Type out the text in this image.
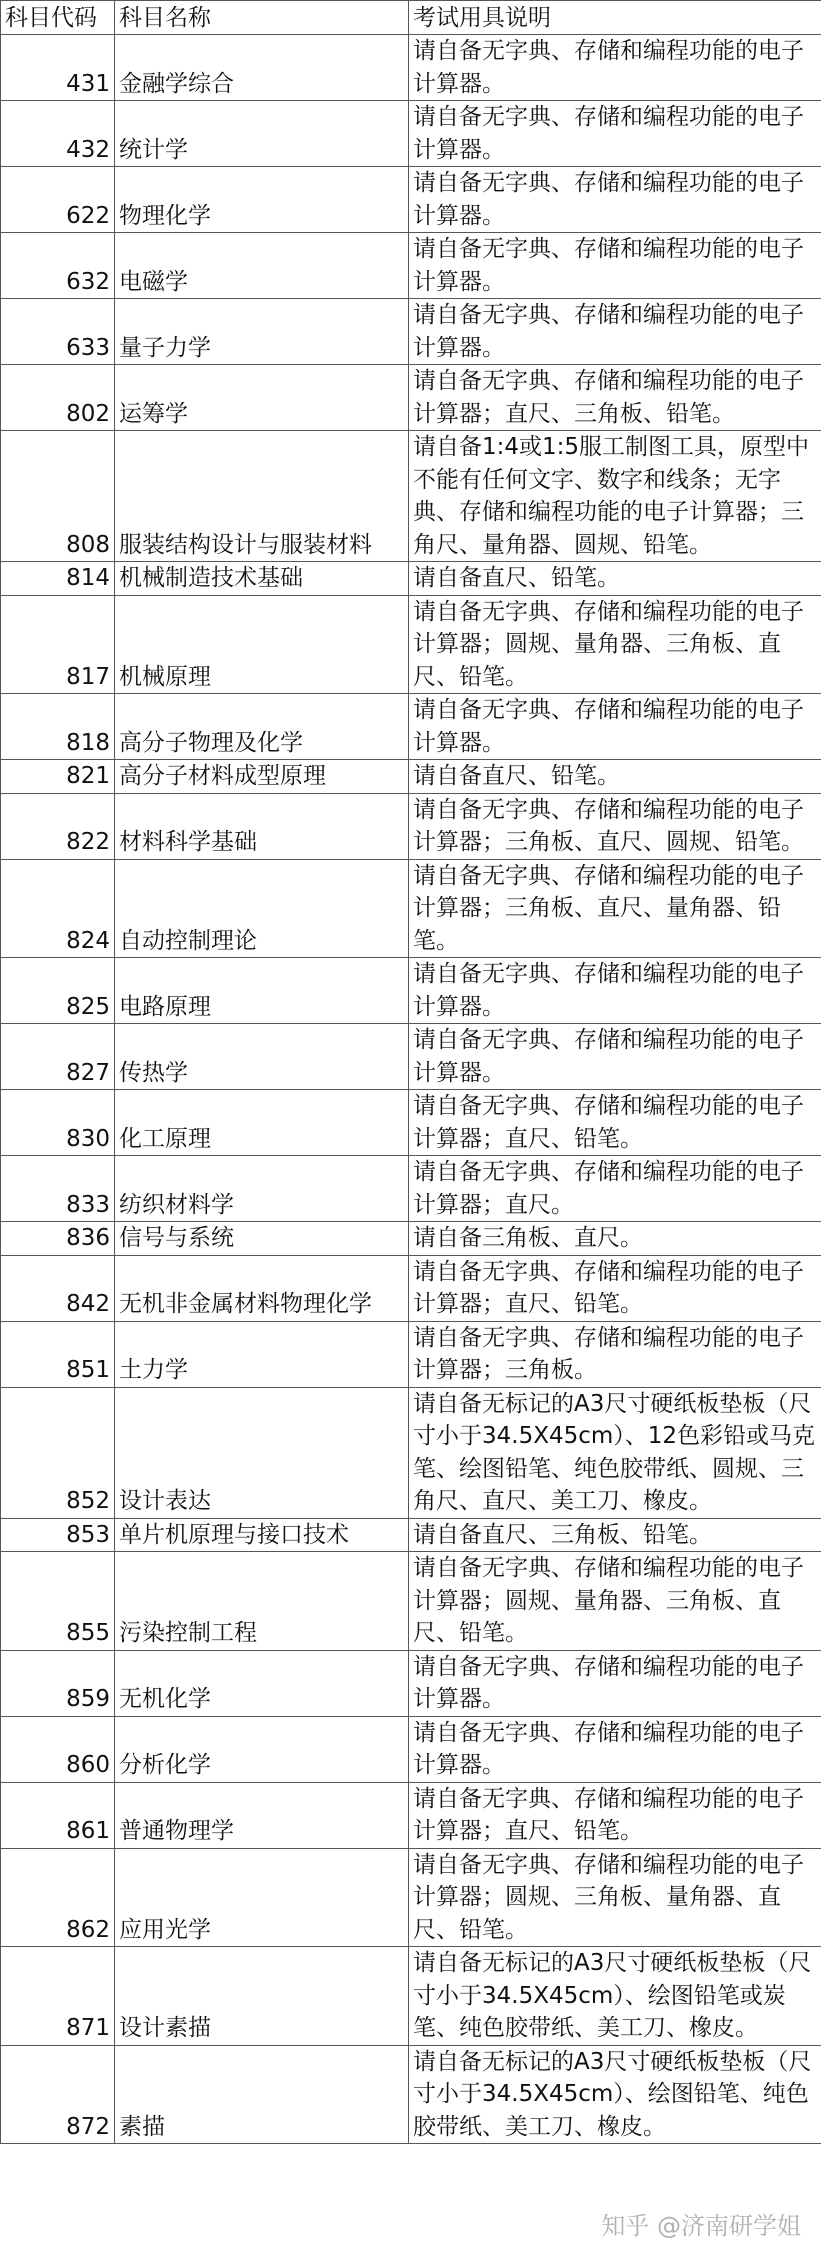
科目代码	科目名称	考试用具说明
431	金融学综合	请自备无字典、存储和编程功能的电子计算器。
432	统计学	请自备无字典、存储和编程功能的电子计算器。
622	物理化学	请自备无字典、存储和编程功能的电子计算器。
632	电磁学	请自备无字典、存储和编程功能的电子计算器。
633	量子力学	请自备无字典、存储和编程功能的电子计算器。
802	运筹学	请自备无字典、存储和编程功能的电子计算器；直尺、三角板、铅笔。
808	服装结构设计与服装材料	请自备1:4或1:5服工制图工具，原型中不能有任何文字、数字和线条；无字典、存储和编程功能的电子计算器；三角尺、量角器、圆规、铅笔。
814	机械制造技术基础	请自备直尺、铅笔。
817	机械原理	请自备无字典、存储和编程功能的电子计算器；圆规、量角器、三角板、直尺、铅笔。
818	高分子物理及化学	请自备无字典、存储和编程功能的电子计算器。
821	高分子材料成型原理	请自备直尺、铅笔。
822	材料科学基础	请自备无字典、存储和编程功能的电子计算器；三角板、直尺、圆规、铅笔。
824	自动控制理论	请自备无字典、存储和编程功能的电子计算器；三角板、直尺、量角器、铅笔。
825	电路原理	请自备无字典、存储和编程功能的电子计算器。
827	传热学	请自备无字典、存储和编程功能的电子计算器。
830	化工原理	请自备无字典、存储和编程功能的电子计算器；直尺、铅笔。
833	纺织材料学	请自备无字典、存储和编程功能的电子计算器；直尺。
836	信号与系统	请自备三角板、直尺。
842	无机非金属材料物理化学	请自备无字典、存储和编程功能的电子计算器；直尺、铅笔。
851	土力学	请自备无字典、存储和编程功能的电子计算器；三角板。
852	设计表达	请自备无标记的A3尺寸硬纸板垫板（尺寸小于34.5X45cm）、12色彩铅或马克笔、绘图铅笔、纯色胶带纸、圆规、三角尺、直尺、美工刀、橡皮。
853	单片机原理与接口技术	请自备直尺、三角板、铅笔。
855	污染控制工程	请自备无字典、存储和编程功能的电子计算器；圆规、量角器、三角板、直尺、铅笔。
859	无机化学	请自备无字典、存储和编程功能的电子计算器。
860	分析化学	请自备无字典、存储和编程功能的电子计算器。
861	普通物理学	请自备无字典、存储和编程功能的电子计算器；直尺、铅笔。
862	应用光学	请自备无字典、存储和编程功能的电子计算器；圆规、三角板、量角器、直尺、铅笔。
871	设计素描	请自备无标记的A3尺寸硬纸板垫板（尺寸小于34.5X45cm）、绘图铅笔或炭笔、纯色胶带纸、美工刀、橡皮。
872	素描	请自备无标记的A3尺寸硬纸板垫板（尺寸小于34.5X45cm）、绘图铅笔、纯色胶带纸、美工刀、橡皮。
知乎 @济南研学姐
